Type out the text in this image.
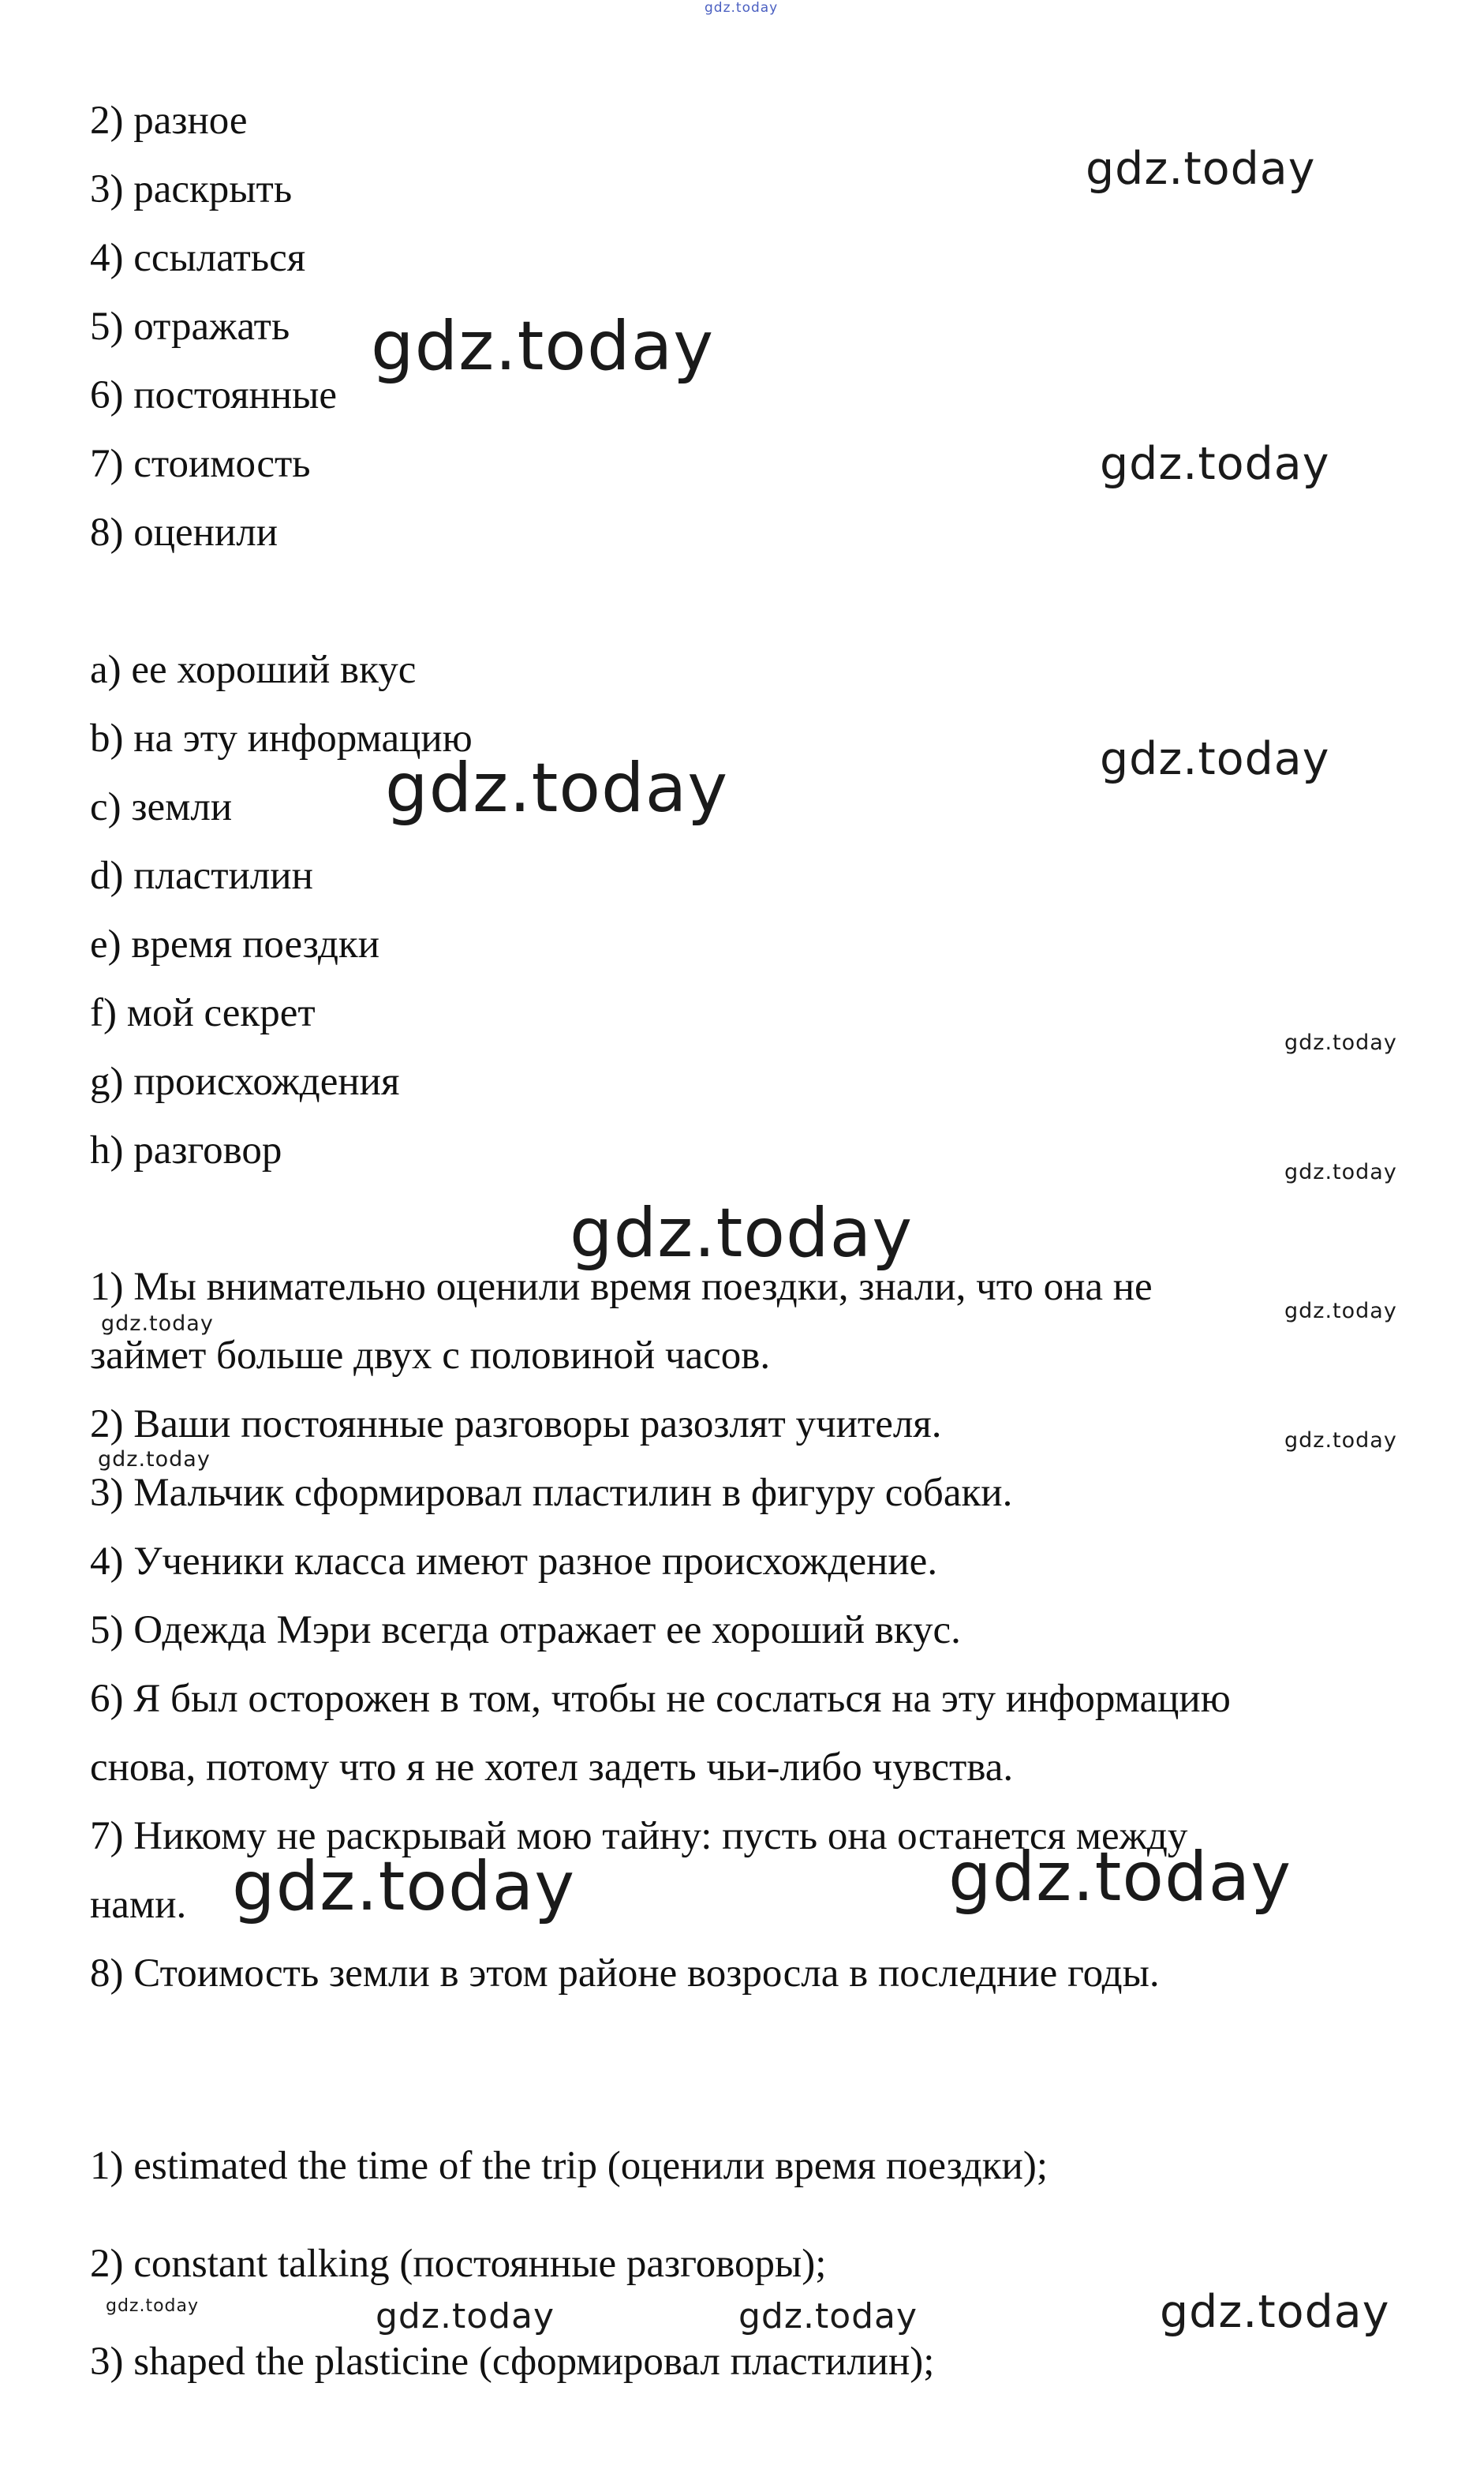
gdz.today
gdz.today
gdz.today
gdz.today
gdz.today
gdz.today
gdz.today
gdz.today
gdz.today
gdz.today
gdz.today
gdz.today
gdz.today
gdz.today	gdz.today
gdz.today	gdz.today	gdz.today	gdz.today
2) разное
3) раскрыть
4) ссылаться
5) отражать
6) постоянные
7) стоимость
8) оценили
a) ее хороший вкус
b) на эту информацию
c) земли
d) пластилин
e) время поездки
f) мой секрет
g) происхождения
h) разговор
1) Мы внимательно оценили время поездки, знали, что она не
займет больше двух с половиной часов.
2) Ваши постоянные разговоры разозлят учителя.
3) Мальчик сформировал пластилин в фигуру собаки.
4) Ученики класса имеют разное происхождение.
5) Одежда Мэри всегда отражает ее хороший вкус.
6) Я был осторожен в том, чтобы не сослаться на эту информацию
снова, потому что я не хотел задеть чьи-либо чувства.
7) Никому не раскрывай мою тайну: пусть она останется между
нами.
8) Стоимость земли в этом районе возросла в последние годы.
1) estimated the time of the trip (оценили время поездки);
2) constant talking (постоянные разговоры);
3) shaped the plasticine (сформировал пластилин);
